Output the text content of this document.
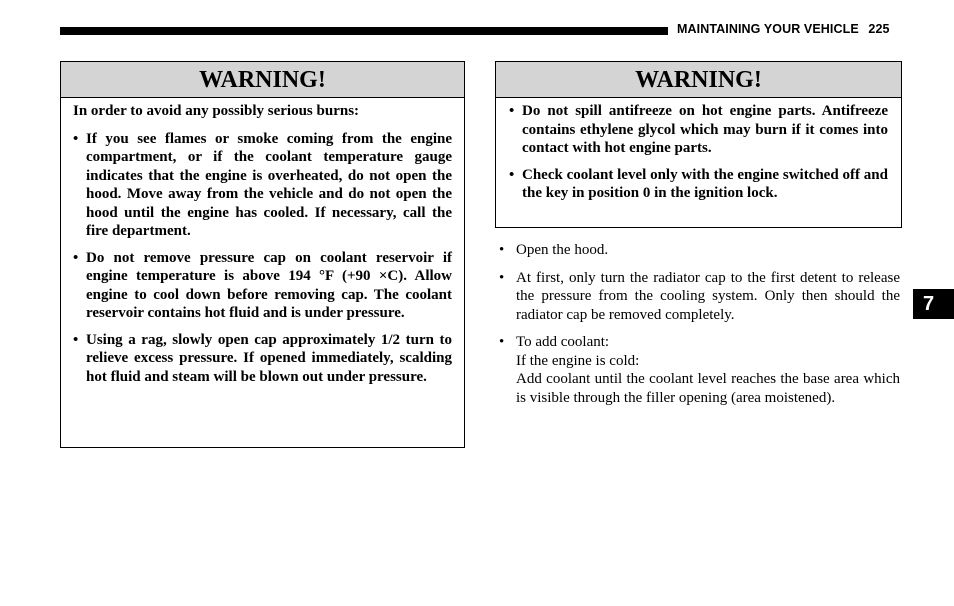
MAINTAINING YOUR VEHICLE 225
7
WARNING!

In order to avoid any possibly serious burns:

• If you see flames or smoke coming from the engine compartment, or if the coolant temperature gauge indicates that the engine is overheated, do not open the hood. Move away from the vehicle and do not open the hood until the engine has cooled. If necessary, call the fire department.
• Do not remove pressure cap on coolant reservoir if engine temperature is above 194 °F (+90 ×C). Allow engine to cool down before removing cap. The coolant reservoir contains hot fluid and is under pressure.
• Using a rag, slowly open cap approximately 1/2 turn to relieve excess pressure. If opened immediately, scalding hot fluid and steam will be blown out under pressure.
WARNING!
• Do not spill antifreeze on hot engine parts. Antifreeze contains ethylene glycol which may burn if it comes into contact with hot engine parts.
• Check coolant level only with the engine switched off and the key in position 0 in the ignition lock.
• Open the hood.
• At first, only turn the radiator cap to the first detent to release the pressure from the cooling system. Only then should the radiator cap be removed completely.
• To add coolant:
If the engine is cold:
Add coolant until the coolant level reaches the base area which is visible through the filler opening (area moistened).
